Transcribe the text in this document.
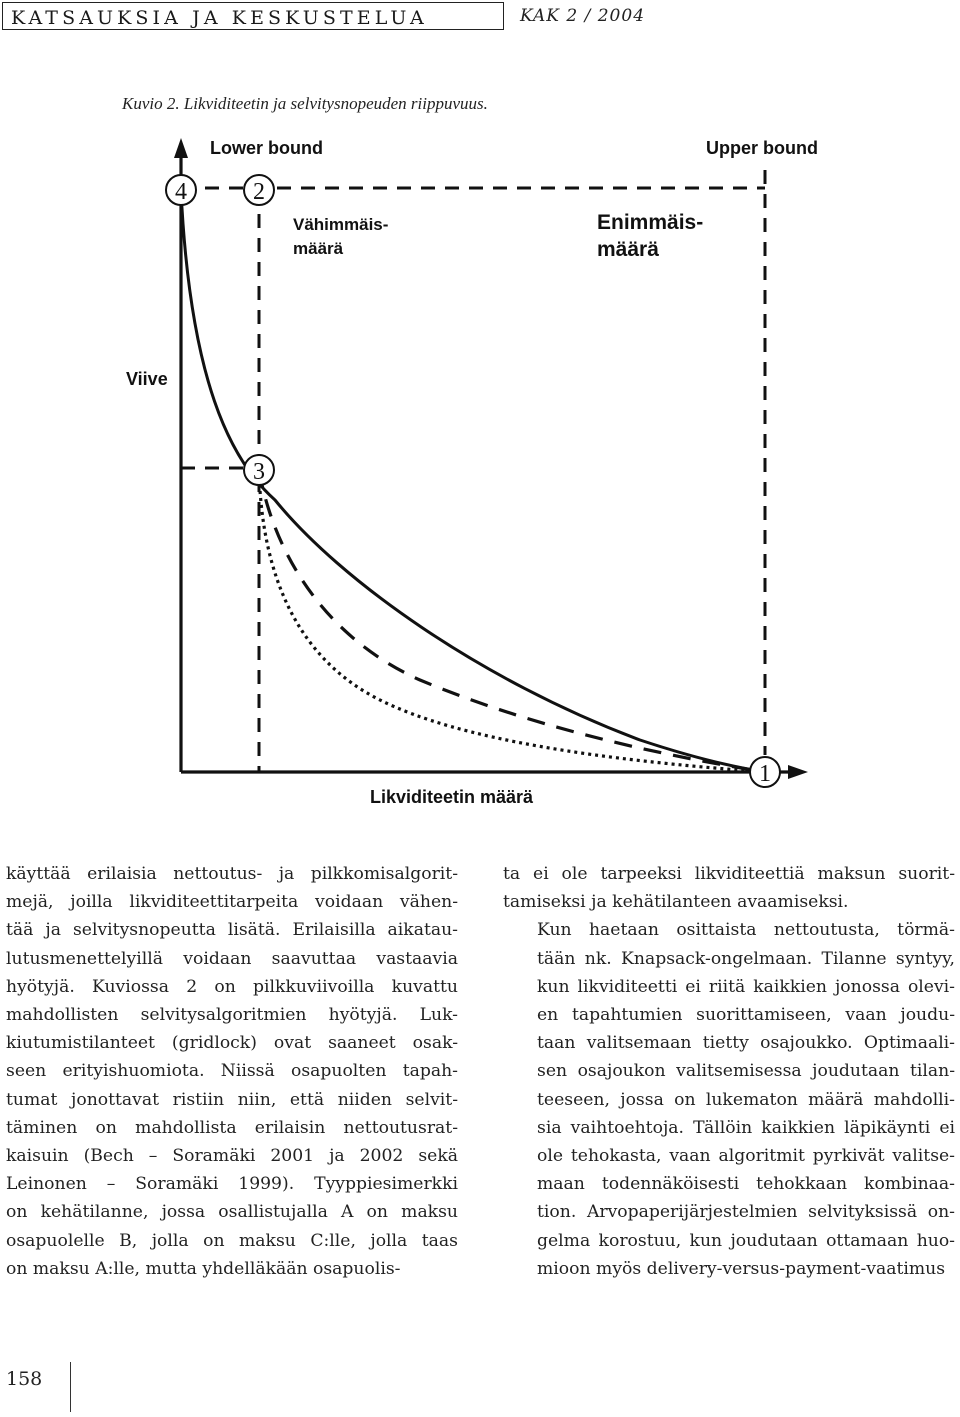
KATSAUKSIA JA KESKUSTELUA	KAK 2 / 2004
Kuvio 2. Likviditeetin ja selvitysnopeuden riippuvuus.
4	2
3
1
Lower bound	Upper bound
Vähimmäis-
määrä
Enimmäis-
määrä
Viive
Likviditeetin määrä

käyttää erilaisia nettoutus- ja pilkkomisalgorit-
mejä, joilla likviditeettitarpeita voidaan vähen-
tää ja selvitysnopeutta lisätä. Erilaisilla aikatau-
lutusmenettelyillä voidaan saavuttaa vastaavia
hyötyjä. Kuviossa 2 on pilkkuviivoilla kuvattu
mahdollisten selvitysalgoritmien hyötyjä. Luk-
kiutumistilanteet (gridlock) ovat saaneet osak-
seen erityishuomiota. Niissä osapuolten tapah-
tumat jonottavat ristiin niin, että niiden selvit-
täminen on mahdollista erilaisin nettoutusrat-
kaisuin (Bech – Soramäki 2001 ja 2002 sekä
Leinonen – Soramäki 1999). Tyyppiesimerkki
on kehätilanne, jossa osallistujalla A on maksu
osapuolelle B, jolla on maksu C:lle, jolla taas
on maksu A:lle, mutta yhdelläkään osapuolis-

ta ei ole tarpeeksi likviditeettiä maksun suorit-
tamiseksi ja kehätilanteen avaamiseksi.

Kun haetaan osittaista nettoutusta, törmä-
tään nk. Knapsack-ongelmaan. Tilanne syntyy,
kun likviditeetti ei riitä kaikkien jonossa olevi-
en tapahtumien suorittamiseen, vaan joudu-
taan valitsemaan tietty osajoukko. Optimaali-
sen osajoukon valitsemisessa joudutaan tilan-
teeseen, jossa on lukematon määrä mahdolli-
sia vaihtoehtoja. Tällöin kaikkien läpikäynti ei
ole tehokasta, vaan algoritmit pyrkivät valitse-
maan todennäköisesti tehokkaan kombinaa-
tion. Arvopaperijärjestelmien selvityksissä on-
gelma korostuu, kun joudutaan ottamaan huo-
mioon myös delivery-versus-payment-vaatimus

158
